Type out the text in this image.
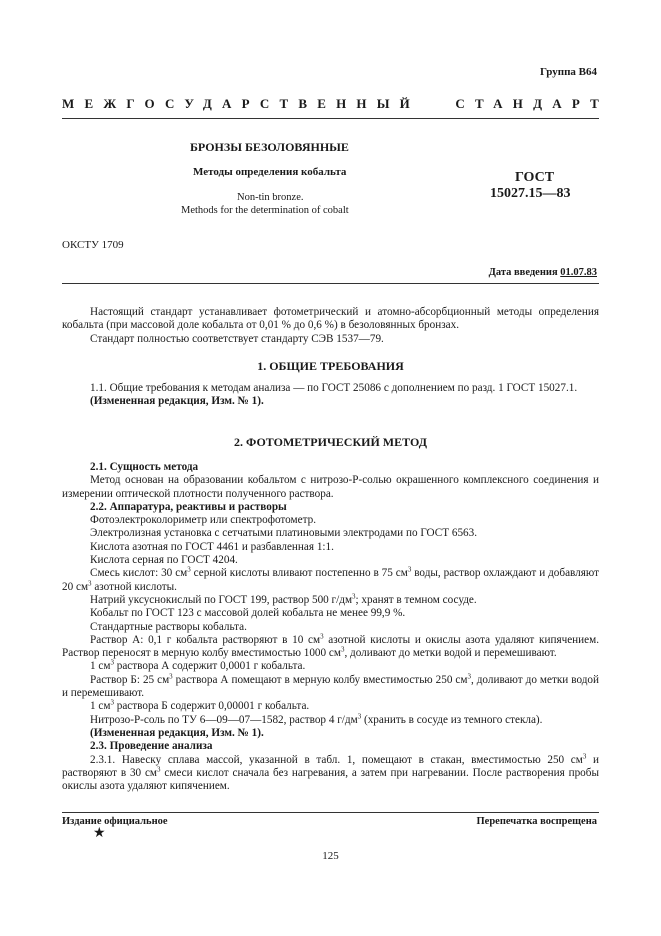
Группа В64
МЕЖГОСУДАРСТВЕННЫЙ	СТАНДАРТ
БРОНЗЫ БЕЗОЛОВЯННЫЕ
Методы определения кобальта
Non-tin bronze.
Methods for the determination of cobalt
ГОСТ
15027.15—83
ОКСТУ 1709
Дата введения 01.07.83

Настоящий стандарт устанавливает фотометрический и атомно-абсорбционный методы определения кобальта (при массовой доле кобальта от 0,01 % до 0,6 %) в безоловянных бронзах.

Стандарт полностью соответствует стандарту СЭВ 1537—79.

1. ОБЩИЕ ТРЕБОВАНИЯ

1.1. Общие требования к методам анализа — по ГОСТ 25086 с дополнением по разд. 1 ГОСТ 15027.1.

(Измененная редакция, Изм. № 1).

2. ФОТОМЕТРИЧЕСКИЙ МЕТОД

2.1. Сущность метода

Метод основан на образовании кобальтом с нитрозо-Р-солью окрашенного комплексного соединения и измерении оптической плотности полученного раствора.

2.2. Аппаратура, реактивы и растворы

Фотоэлектроколориметр или спектрофотометр.

Электролизная установка с сетчатыми платиновыми электродами по ГОСТ 6563.

Кислота азотная по ГОСТ 4461 и разбавленная 1:1.

Кислота серная по ГОСТ 4204.

Смесь кислот: 30 $см^3$ серной кислоты вливают постепенно в 75 $см^3$ воды, раствор охлаждают и добавляют 20 $см^3$ азотной кислоты.

Натрий уксуснокислый по ГОСТ 199, раствор 500 $г/дм^3$; хранят в темном сосуде.

Кобальт по ГОСТ 123 с массовой долей кобальта не менее 99,9 %.

Стандартные растворы кобальта.

Раствор А: 0,1 г кобальта растворяют в 10 $см^3$ азотной кислоты и окислы азота удаляют кипячением. Раствор переносят в мерную колбу вместимостью 1000 $см^3$, доливают до метки водой и перемешивают.

1 $см^3$ раствора А содержит 0,0001 г кобальта.

Раствор Б: 25 $см^3$ раствора А помещают в мерную колбу вместимостью 250 $см^3$, доливают до метки водой и перемешивают.

1 $см^3$ раствора Б содержит 0,00001 г кобальта.

Нитрозо-Р-соль по ТУ 6—09—07—1582, раствор 4 $г/дм^3$ (хранить в сосуде из темного стекла).

(Измененная редакция, Изм. № 1).

2.3. Проведение анализа

2.3.1. Навеску сплава массой, указанной в табл. 1, помещают в стакан, вместимостью 250 $см^3$ и растворяют в 30 $см^3$ смеси кислот сначала без нагревания, а затем при нагревании. После растворения пробы окислы азота удаляют кипячением.

Издание официальное	Перепечатка воспрещена
★
125
